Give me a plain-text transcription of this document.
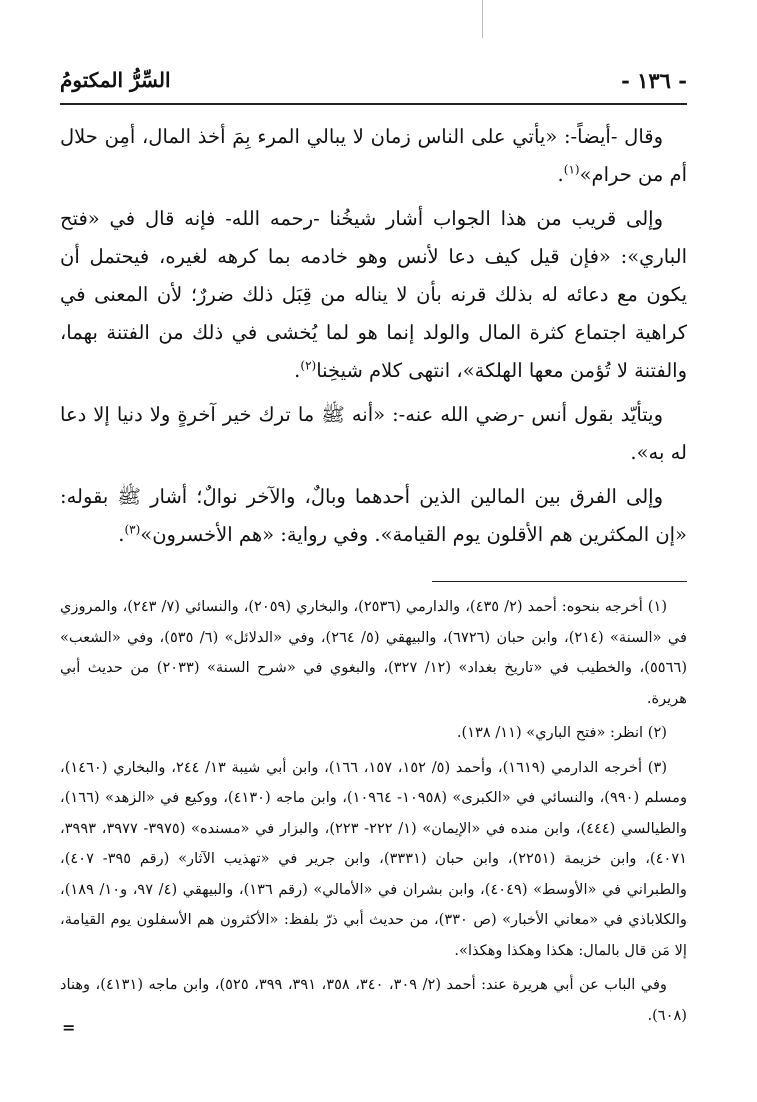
- ١٣٦ -
السِّرُّ المكتومُ

وقال -أيضاً-: «يأتي على الناس زمان لا يبالي المرء بِمَ أخذ المال، أمِن حلال أم من حرام»$^{(١)}$.

وإلى قريب من هذا الجواب أشار شيخُنا -رحمه الله- فإنه قال في «فتح الباري»: «فإن قيل كيف دعا لأنس وهو خادمه بما كرهه لغيره، فيحتمل أن يكون مع دعائه له بذلك قرنه بأن لا يناله من قِبَل ذلك ضررٌ؛ لأن المعنى في كراهية اجتماع كثرة المال والولد إنما هو لما يُخشى في ذلك من الفتنة بهما، والفتنة لا تُؤمن معها الهلكة»، انتهى كلام شيخِنا$^{(٢)}$.

ويتأيّد بقول أنس -رضي الله عنه-: «أنه ﷺ ما ترك خير آخرةٍ ولا دنيا إلا دعا له به».

وإلى الفرق بين المالين الذين أحدهما وبالٌ، والآخر نوالٌ؛ أشار ﷺ بقوله: «إن المكثرين هم الأقلون يوم القيامة». وفي رواية: «هم الأخسرون»$^{(٣)}$.

(١) أخرجه بنحوه: أحمد (٢/ ٤٣٥)، والدارمي (٢٥٣٦)، والبخاري (٢٠٥٩)، والنسائي (٧/ ٢٤٣)، والمروزي في «السنة» (٢١٤)، وابن حبان (٦٧٢٦)، والبيهقي (٥/ ٢٦٤)، وفي «الدلائل» (٦/ ٥٣٥)، وفي «الشعب» (٥٥٦٦)، والخطيب في «تاريخ بغداد» (١٢/ ٣٢٧)، والبغوي في «شرح السنة» (٢٠٣٣) من حديث أبي هريرة.

(٢) انظر: «فتح الباري» (١١/ ١٣٨).

(٣) أخرجه الدارمي (١٦١٩)، وأحمد (٥/ ١٥٢، ١٥٧، ١٦٦)، وابن أبي شيبة ١٣/ ٢٤٤، والبخاري (١٤٦٠)، ومسلم (٩٩٠)، والنسائي في «الكبرى» (١٠٩٥٨- ١٠٩٦٤)، وابن ماجه (٤١٣٠)، ووكيع في «الزهد» (١٦٦)، والطيالسي (٤٤٤)، وابن منده في «الإيمان» (١/ ٢٢٢- ٢٢٣)، والبزار في «مسنده» (٣٩٧٥- ٣٩٧٧، ٣٩٩٣، ٤٠٧١)، وابن خزيمة (٢٢٥١)، وابن حبان (٣٣٣١)، وابن جرير في «تهذيب الآثار» (رقم ٣٩٥- ٤٠٧)، والطبراني في «الأوسط» (٤٠٤٩)، وابن بشران في «الأمالي» (رقم ١٣٦)، والبيهقي (٤/ ٩٧، و١٠/ ١٨٩)، والكلاباذي في «معاني الأخبار» (ص ٣٣٠)، من حديث أبي ذرّ بلفظ: «الأكثرون هم الأسفلون يوم القيامة، إلا مَن قال بالمال: هكذا وهكذا وهكذا».

وفي الباب عن أبي هريرة عند: أحمد (٢/ ٣٠٩، ٣٤٠، ٣٥٨، ٣٩١، ٣٩٩، ٥٢٥)، وابن ماجه (٤١٣١)، وهناد (٦٠٨).

=
